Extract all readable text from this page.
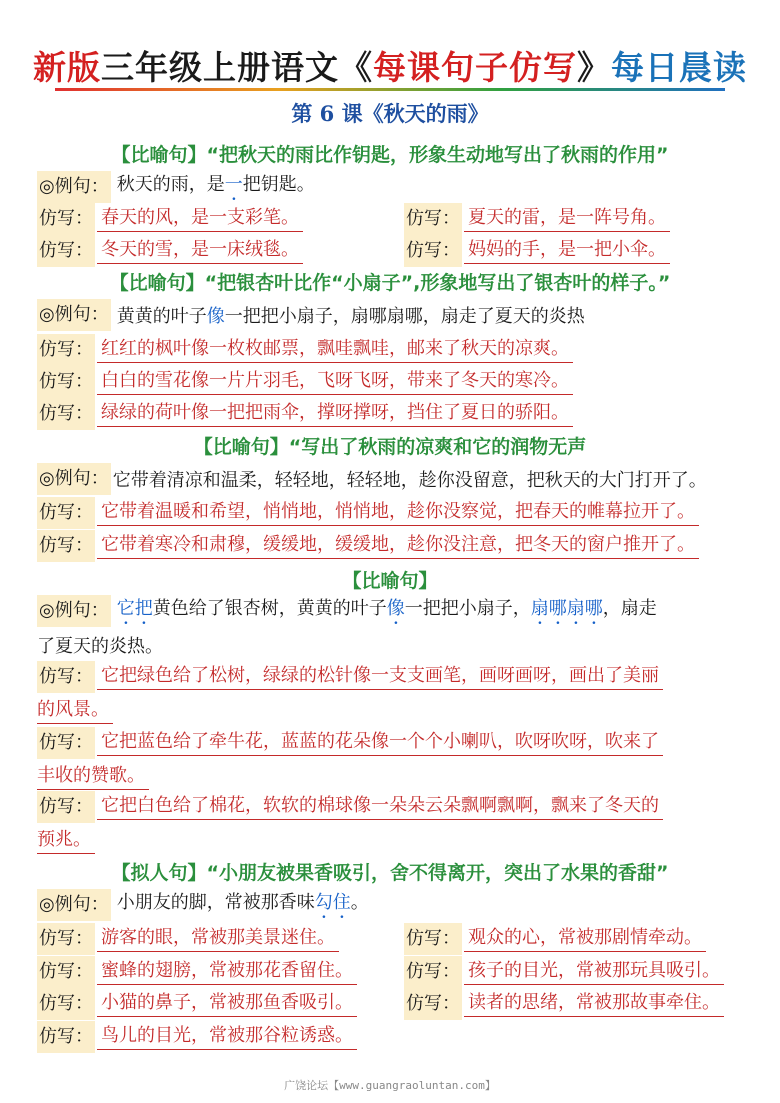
新版三年级上册语文《每课句子仿写》每日晨读
第 6 课《秋天的雨》
【比喻句】“把秋天的雨比作钥匙，形象生动地写出了秋雨的作用”
◎例句： 秋天的雨，是一把钥匙。
仿写： 春天的风，是一支彩笔。	仿写： 夏天的雷，是一阵号角。
仿写： 冬天的雪，是一床绒毯。	仿写： 妈妈的手，是一把小伞。
【比喻句】“把银杏叶比作“小扇子”,形象地写出了银杏叶的样子。”
◎例句： 黄黄的叶子像一把把小扇子，扇哪扇哪，扇走了夏天的炎热
仿写： 红红的枫叶像一枚枚邮票，飘哇飘哇，邮来了秋天的凉爽。
仿写： 白白的雪花像一片片羽毛，飞呀飞呀，带来了冬天的寒冷。
仿写： 绿绿的荷叶像一把把雨伞，撑呀撑呀，挡住了夏日的骄阳。
【比喻句】“写出了秋雨的凉爽和它的润物无声
◎例句： 它带着清凉和温柔，轻轻地，轻轻地，趁你没留意，把秋天的大门打开了。
仿写： 它带着温暖和希望，悄悄地，悄悄地，趁你没察觉，把春天的帷幕拉开了。
仿写： 它带着寒冷和肃穆，缓缓地，缓缓地，趁你没注意，把冬天的窗户推开了。
【比喻句】
◎例句： 它把黄色给了银杏树，黄黄的叶子像一把把小扇子，扇哪扇哪，扇走
了夏天的炎热。
仿写： 它把绿色给了松树，绿绿的松针像一支支画笔，画呀画呀，画出了美丽
的风景。
仿写： 它把蓝色给了牵牛花，蓝蓝的花朵像一个个小喇叭，吹呀吹呀，吹来了
丰收的赞歌。
仿写： 它把白色给了棉花，软软的棉球像一朵朵云朵飘啊飘啊，飘来了冬天的
预兆。
【拟人句】“小朋友被果香吸引，舍不得离开，突出了水果的香甜”
◎例句： 小朋友的脚，常被那香味勾住。
仿写： 游客的眼，常被那美景迷住。	仿写： 观众的心，常被那剧情牵动。
仿写： 蜜蜂的翅膀，常被那花香留住。	仿写： 孩子的目光，常被那玩具吸引。
仿写： 小猫的鼻子，常被那鱼香吸引。	仿写： 读者的思绪，常被那故事牵住。
仿写： 鸟儿的目光，常被那谷粒诱惑。
广饶论坛【www.guangraoluntan.com】
